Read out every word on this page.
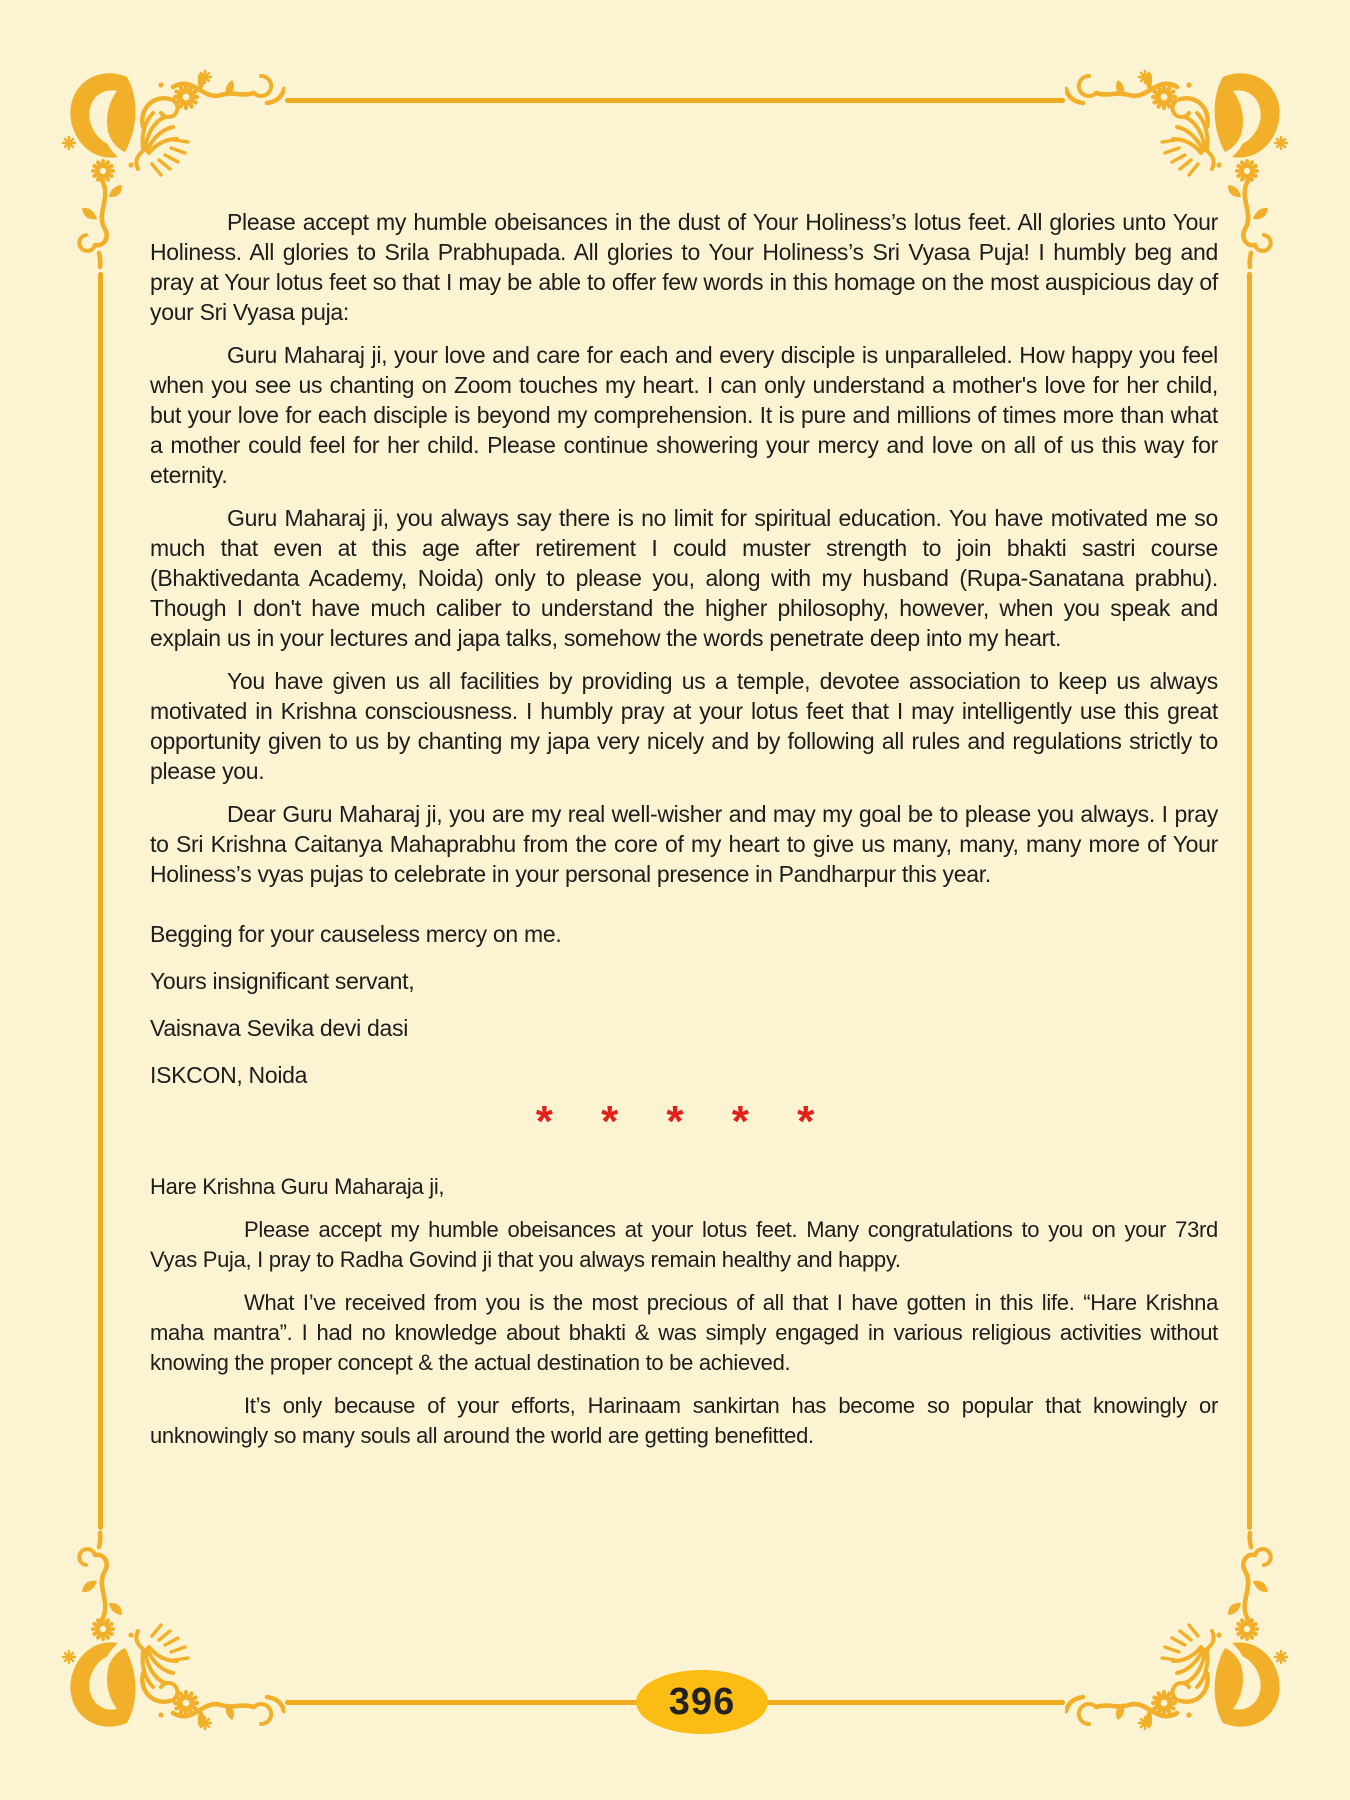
Please accept my humble obeisances in the dust of Your Holiness’s lotus feet. All glories unto Your Holiness. All glories to Srila Prabhupada. All glories to Your Holiness’s Sri Vyasa Puja! I humbly beg and pray at Your lotus feet so that I may be able to offer few words in this homage on the most auspicious day of your Sri Vyasa puja:

Guru Maharaj ji, your love and care for each and every disciple is unparalleled. How happy you feel when you see us chanting on Zoom touches my heart. I can only understand a mother's love for her child, but your love for each disciple is beyond my comprehension. It is pure and millions of times more than what a mother could feel for her child. Please continue showering your mercy and love on all of us this way for eternity.

Guru Maharaj ji, you always say there is no limit for spiritual education. You have motivated me so much that even at this age after retirement I could muster strength to join bhakti sastri course (Bhaktivedanta Academy, Noida) only to please you, along with my husband (Rupa-Sanatana prabhu). Though I don't have much caliber to understand the higher philosophy, however, when you speak and explain us in your lectures and japa talks, somehow the words penetrate deep into my heart.

You have given us all facilities by providing us a temple, devotee association to keep us always motivated in Krishna consciousness. I humbly pray at your lotus feet that I may intelligently use this great opportunity given to us by chanting my japa very nicely and by following all rules and regulations strictly to please you.

Dear Guru Maharaj ji, you are my real well-wisher and may my goal be to please you always. I pray to Sri Krishna Caitanya Mahaprabhu from the core of my heart to give us many, many, many more of Your Holiness’s vyas pujas to celebrate in your personal presence in Pandharpur this year.

Begging for your causeless mercy on me.

Yours insignificant servant,

Vaisnava Sevika devi dasi

ISKCON, Noida

* * * * *

Hare Krishna Guru Maharaja ji,

Please accept my humble obeisances at your lotus feet. Many congratulations to you on your 73rd Vyas Puja, I pray to Radha Govind ji that you always remain healthy and happy.

What I’ve received from you is the most precious of all that I have gotten in this life. “Hare Krishna maha mantra”. I had no knowledge about bhakti & was simply engaged in various religious activities without knowing the proper concept & the actual destination to be achieved.

It’s only because of your efforts, Harinaam sankirtan has become so popular that knowingly or unknowingly so many souls all around the world are getting benefitted.

396
